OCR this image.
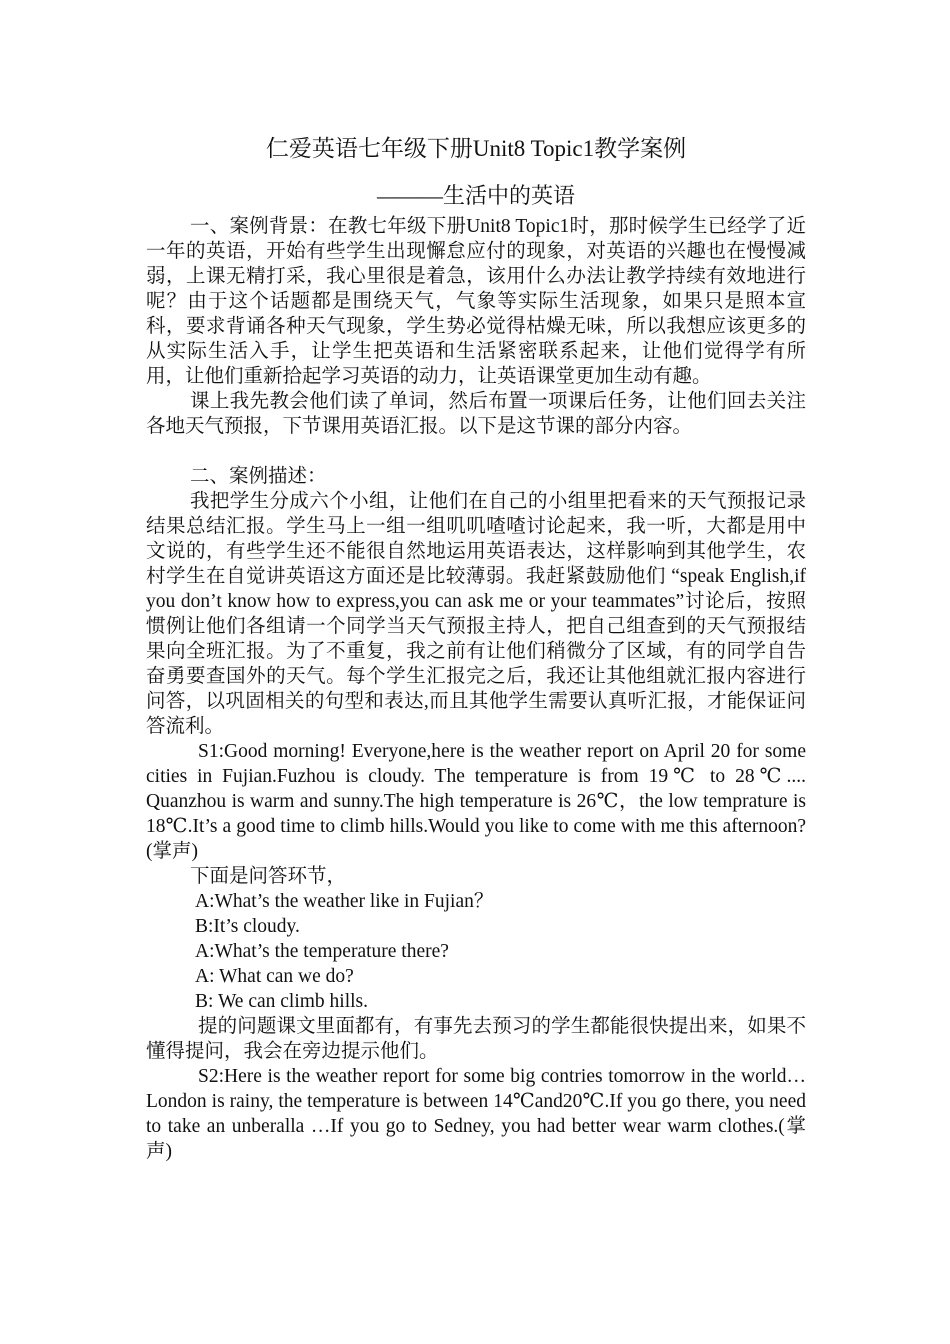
仁爱英语七年级下册Unit8 Topic1教学案例
———生活中的英语

一、案例背景：在教七年级下册Unit8 Topic1时，那时候学生已经学了近一年的英语，开始有些学生出现懈怠应付的现象，对英语的兴趣也在慢慢减弱，上课无精打采，我心里很是着急，该用什么办法让教学持续有效地进行呢？由于这个话题都是围绕天气，气象等实际生活现象，如果只是照本宣科，要求背诵各种天气现象，学生势必觉得枯燥无味，所以我想应该更多的从实际生活入手，让学生把英语和生活紧密联系起来，让他们觉得学有所用，让他们重新拾起学习英语的动力，让英语课堂更加生动有趣。

课上我先教会他们读了单词，然后布置一项课后任务，让他们回去关注各地天气预报，下节课用英语汇报。以下是这节课的部分内容。

二、案例描述：

我把学生分成六个小组，让他们在自己的小组里把看来的天气预报记录结果总结汇报。学生马上一组一组叽叽喳喳讨论起来，我一听，大都是用中文说的，有些学生还不能很自然地运用英语表达，这样影响到其他学生，农村学生在自觉讲英语这方面还是比较薄弱。我赶紧鼓励他们 “speak English,if you don’t know how to express,you can ask me or your teammates”讨论后，按照惯例让他们各组请一个同学当天气预报主持人，把自己组查到的天气预报结果向全班汇报。为了不重复，我之前有让他们稍微分了区域，有的同学自告奋勇要查国外的天气。每个学生汇报完之后，我还让其他组就汇报内容进行问答，以巩固相关的句型和表达,而且其他学生需要认真听汇报，才能保证问答流利。

S1:Good morning! Everyone,here is the weather report on April 20 for some cities in Fujian.Fuzhou is cloudy. The temperature is from 19℃ to 28℃.... Quanzhou is warm and sunny.The high temperature is 26℃，the low temprature is 18℃.It’s a good time to climb hills.Would you like to come with me this afternoon? (掌声)

下面是问答环节，

A:What’s the weather like in Fujian？

B:It’s cloudy.

A:What’s the temperature there?

A: What can we do?

B: We can climb hills.

提的问题课文里面都有，有事先去预习的学生都能很快提出来，如果不懂得提问，我会在旁边提示他们。

S2:Here is the weather report for some big contries tomorrow in the world…London is rainy, the temperature is between 14℃and20℃.If you go there, you need to take an unberalla …If you go to Sedney, you had better wear warm clothes.(掌声)
